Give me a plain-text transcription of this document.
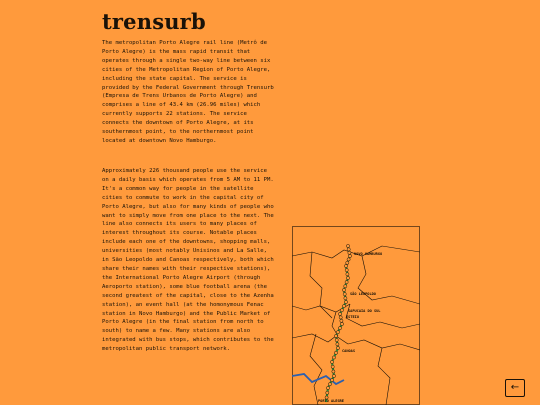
trensurb

The metropolitan Porto Alegre rail line (Metrô de Porto Alegre) is the mass rapid transit that operates through a single two-way line between six cities of the Metropolitan Region of Porto Alegre, including the state capital. The service is provided by the Federal Government through Trensurb (Empresa de Trens Urbanos de Porto Alegre) and comprises a line of 43.4 km (26.96 miles) which currently supports 22 stations. The service connects the downtown of Porto Alegre, at its southernmost point, to the northernmost point located at downtown Novo Hamburgo.

Approximately 226 thousand people use the service on a daily basis which operates from 5 AM to 11 PM. It's a common way for people in the satellite cities to commute to work in the capital city of Porto Alegre, but also for many kinds of people who want to simply move from one place to the next. The line also connects its users to many places of interest throughout its course. Notable places include each one of the downtowns, shopping malls, universities (most notably Unisinos and La Salle, in São Leopoldo and Canoas respectively, both which share their names with their respective stations), the International Porto Alegre Airport (through Aeroporto station), some blue football arena (the second greatest of the capital, close to the Azenha station), an event hall (at the homonymous Fenac station in Novo Hamburgo) and the Public Market of Porto Alegre (in the final station from north to south) to name a few. Many stations are also integrated with bus stops, which contributes to the metropolitan public transport network.

NOVO HAMBURGO
SÃO LEOPOLDO
ESTEIO
SAPUCAIA DO SUL
CANOAS
PORTO ALEGRE
←
